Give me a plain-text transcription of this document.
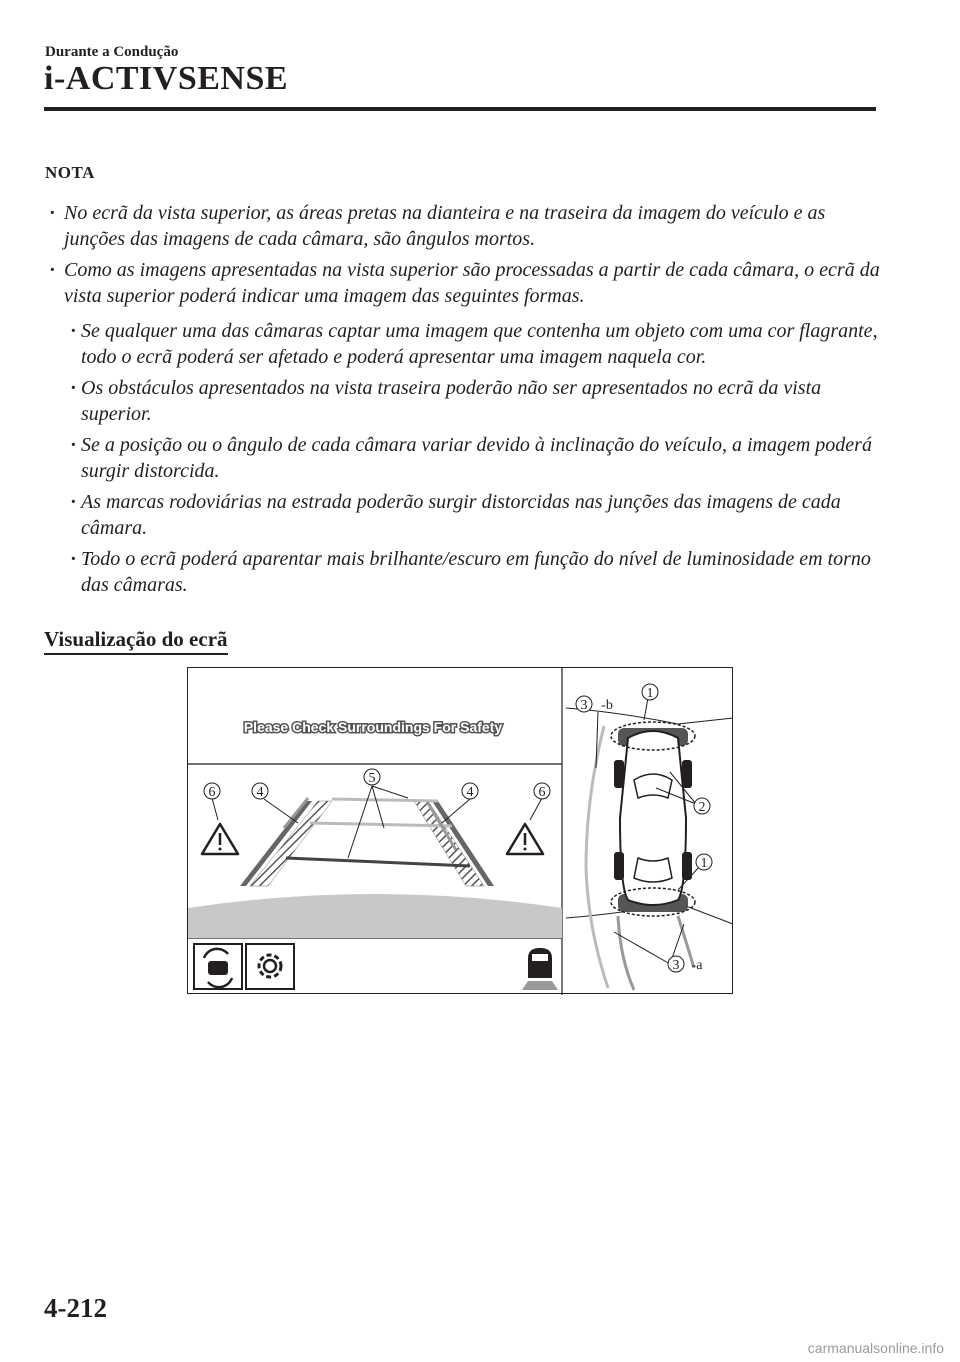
Durante a Condução
i-ACTIVSENSE
NOTA
· No ecrã da vista superior, as áreas pretas na dianteira e na traseira da imagem do veículo e as junções das imagens de cada câmara, são ângulos mortos.
· Como as imagens apresentadas na vista superior são processadas a partir de cada câmara, o ecrã da vista superior poderá indicar uma imagem das seguintes formas.
· Se qualquer uma das câmaras captar uma imagem que contenha um objeto com uma cor flagrante, todo o ecrã poderá ser afetado e poderá apresentar uma imagem naquela cor.
· Os obstáculos apresentados na vista traseira poderão não ser apresentados no ecrã da vista superior.
· Se a posição ou o ângulo de cada câmara variar devido à inclinação do veículo, a imagem poderá surgir distorcida.
· As marcas rodoviárias na estrada poderão surgir distorcidas nas junções das imagens de cada câmara.
· Todo o ecrã poderá aparentar mais brilhante/escuro em função do nível de luminosidade em torno das câmaras.
Visualização do ecrã
Please Check Surroundings For Safety
6	4
5
4	6
3 -b
1
2
1
3 -a
4-212
carmanualsonline.info
